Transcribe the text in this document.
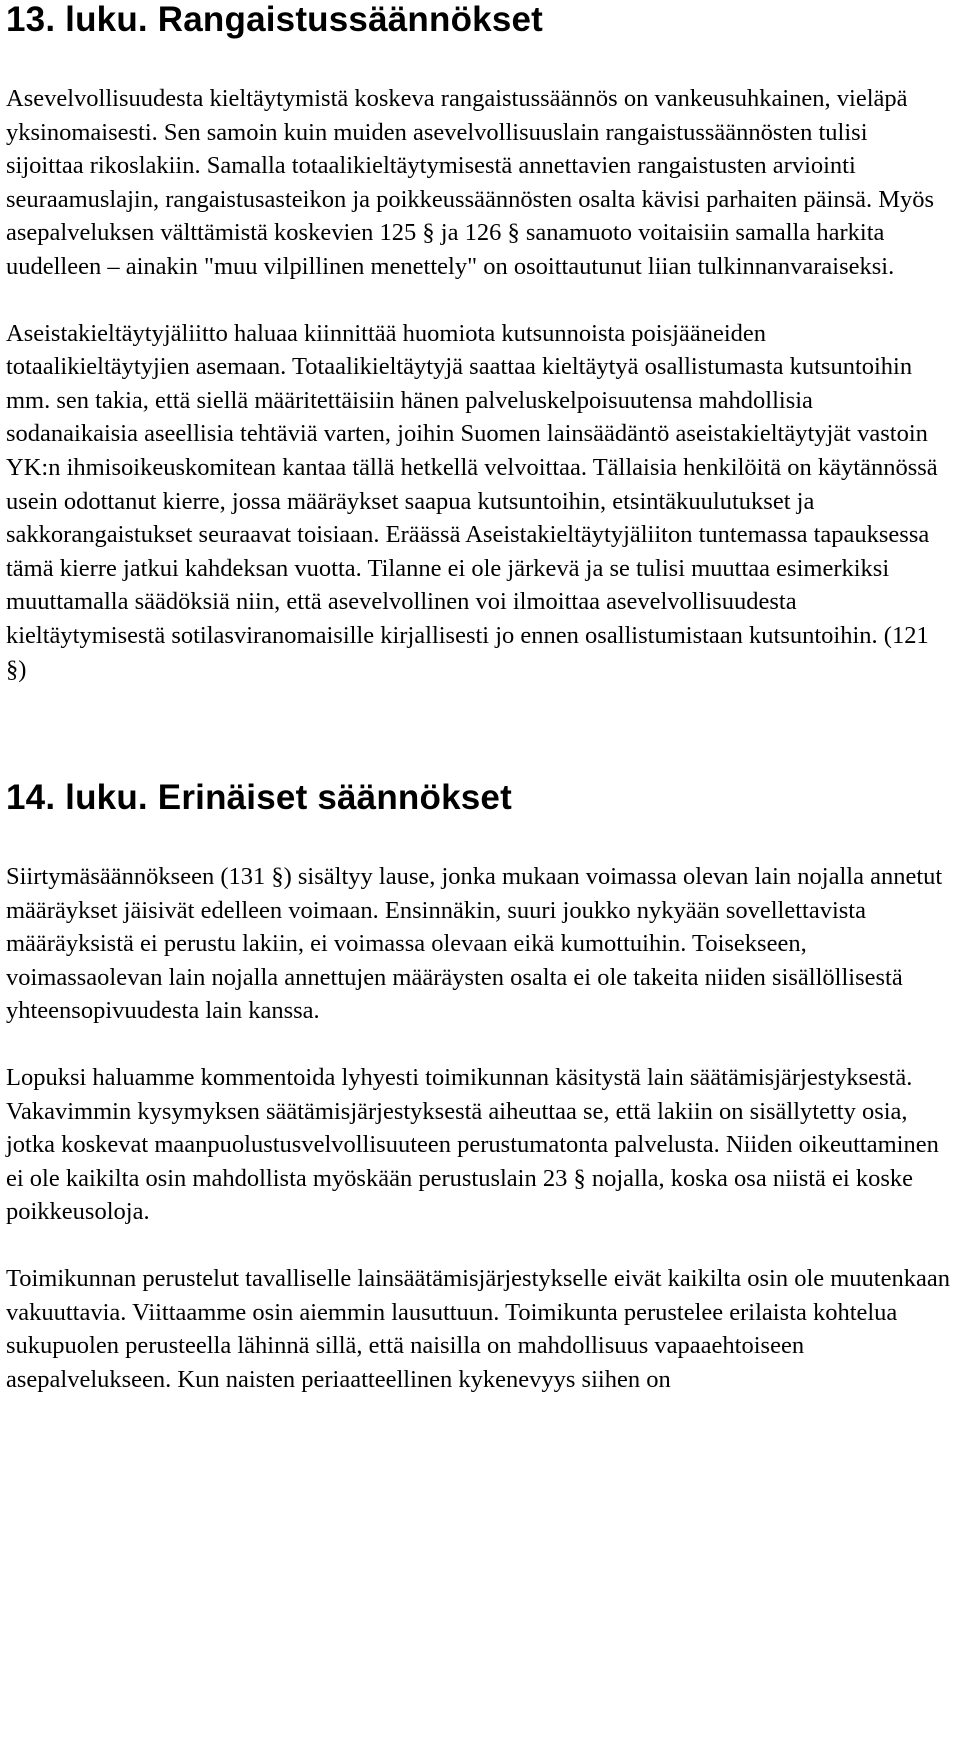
13. luku. Rangaistussäännökset

Asevelvollisuudesta kieltäytymistä koskeva rangaistussäännös on vankeusuhkainen, vieläpä yksinomaisesti. Sen samoin kuin muiden asevelvollisuuslain rangaistussäännösten tulisi sijoittaa rikoslakiin. Samalla totaalikieltäytymisestä annettavien rangaistusten arviointi seuraamuslajin, rangaistusasteikon ja poikkeussäännösten osalta kävisi parhaiten päinsä. Myös asepalveluksen välttämistä koskevien 125 § ja 126 § sanamuoto voitaisiin samalla harkita uudelleen – ainakin "muu vilpillinen menettely" on osoittautunut liian tulkinnanvaraiseksi.

Aseistakieltäytyjäliitto haluaa kiinnittää huomiota kutsunnoista poisjääneiden totaalikieltäytyjien asemaan. Totaalikieltäytyjä saattaa kieltäytyä osallistumasta kutsuntoihin mm. sen takia, että siellä määritettäisiin hänen palveluskelpoisuutensa mahdollisia sodanaikaisia aseellisia tehtäviä varten, joihin Suomen lainsäädäntö aseistakieltäytyjät vastoin YK:n ihmisoikeuskomitean kantaa tällä hetkellä velvoittaa. Tällaisia henkilöitä on käytännössä usein odottanut kierre, jossa määräykset saapua kutsuntoihin, etsintäkuulutukset ja sakkorangaistukset seuraavat toisiaan. Eräässä Aseistakieltäytyjäliiton tuntemassa tapauksessa tämä kierre jatkui kahdeksan vuotta. Tilanne ei ole järkevä ja se tulisi muuttaa esimerkiksi muuttamalla säädöksiä niin, että asevelvollinen voi ilmoittaa asevelvollisuudesta kieltäytymisestä sotilasviranomaisille kirjallisesti jo ennen osallistumistaan kutsuntoihin. (121 §)

14. luku. Erinäiset säännökset

Siirtymäsäännökseen (131 §) sisältyy lause, jonka mukaan voimassa olevan lain nojalla annetut määräykset jäisivät edelleen voimaan. Ensinnäkin, suuri joukko nykyään sovellettavista määräyksistä ei perustu lakiin, ei voimassa olevaan eikä kumottuihin. Toisekseen, voimassaolevan lain nojalla annettujen määräysten osalta ei ole takeita niiden sisällöllisestä yhteensopivuudesta lain kanssa.

Lopuksi haluamme kommentoida lyhyesti toimikunnan käsitystä lain säätämisjärjestyksestä. Vakavimmin kysymyksen säätämisjärjestyksestä aiheuttaa se, että lakiin on sisällytetty osia, jotka koskevat maanpuolustusvelvollisuuteen perustumatonta palvelusta. Niiden oikeuttaminen ei ole kaikilta osin mahdollista myöskään perustuslain 23 § nojalla, koska osa niistä ei koske poikkeusoloja.

Toimikunnan perustelut tavalliselle lainsäätämisjärjestykselle eivät kaikilta osin ole muutenkaan vakuuttavia. Viittaamme osin aiemmin lausuttuun. Toimikunta perustelee erilaista kohtelua sukupuolen perusteella lähinnä sillä, että naisilla on mahdollisuus vapaaehtoiseen asepalvelukseen. Kun naisten periaatteellinen kykenevyys siihen on
